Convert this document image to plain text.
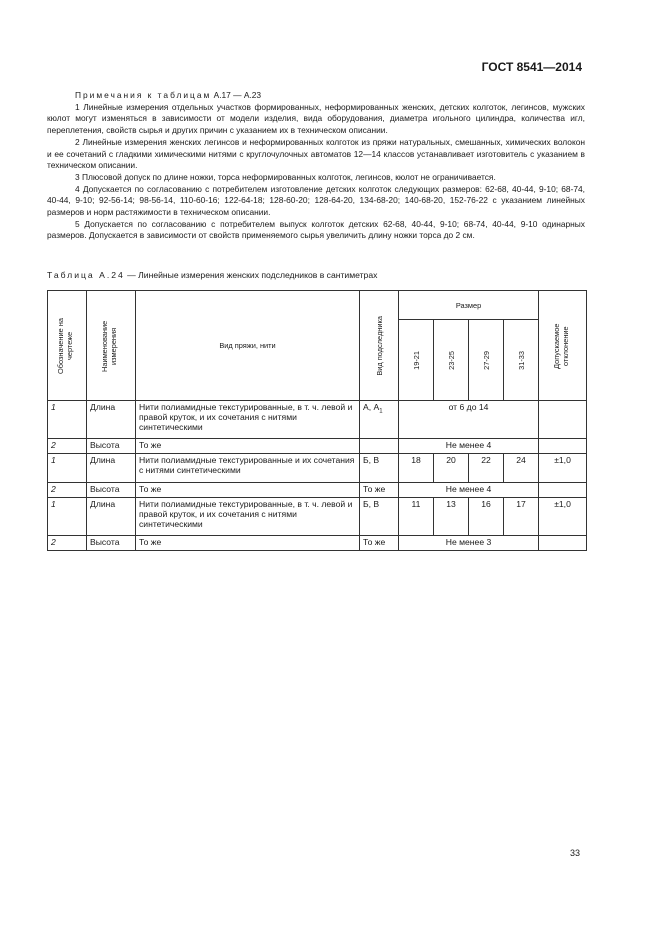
ГОСТ 8541—2014

Примечания к таблицам А.17 — А.23

1 Линейные измерения отдельных участков формированных, неформированных женских, детских колготок, легинсов, мужских кюлот могут изменяться в зависимости от модели изделия, вида оборудования, диаметра игольного цилиндра, количества игл, переплетения, свойств сырья и других причин с указанием их в техническом описании.

2 Линейные измерения женских легинсов и неформированных колготок из пряжи натуральных, смешанных, химических волокон и ее сочетаний с гладкими химическими нитями с круглочулочных автоматов 12—14 классов устанавливает изготовитель с указанием в техническом описании.

3 Плюсовой допуск по длине ножки, торса неформированных колготок, легинсов, кюлот не ограничивается.

4 Допускается по согласованию с потребителем изготовление детских колготок следующих размеров: 62-68, 40-44, 9-10; 68-74, 40-44, 9-10; 92-56-14; 98-56-14, 110-60-16; 122-64-18; 128-60-20; 128-64-20, 134-68-20; 140-68-20, 152-76-22 с указанием линейных размеров и норм растяжимости в техническом описании.

5 Допускается по согласованию с потребителем выпуск колготок детских 62-68, 40-44, 9-10; 68-74, 40-44, 9-10 одинарных размеров. Допускается в зависимости от свойств применяемого сырья увеличить длину ножки торса до 2 см.

Таблица А.24 — Линейные измерения женских подследников в сантиметрах
Обозначение на чертеже	Наименование измерения	Вид пряжи, нити	Вид подследника	Размер				Допускаемое отклонение

				19-21	23-25	27-29	31-33	

1	Длина	Нити полиамидные текстурированные, в т. ч. левой и правой круток, и их сочетания с нитями синтетическими	А, $А_1$	от 6 до 14				
2	Высота	То же		Не менее 4				
1	Длина	Нити полиамидные текстурированные и их сочетания с нитями синтетическими	Б, В	18	20	22	24	±1,0
2	Высота	То же	То же	Не менее 4				
1	Длина	Нити полиамидные текстурированные, в т. ч. левой и правой круток, и их сочетания с нитями синтетическими	Б, В	11	13	16	17	±1,0
2	Высота	То же	То же	Не менее 3				
33
